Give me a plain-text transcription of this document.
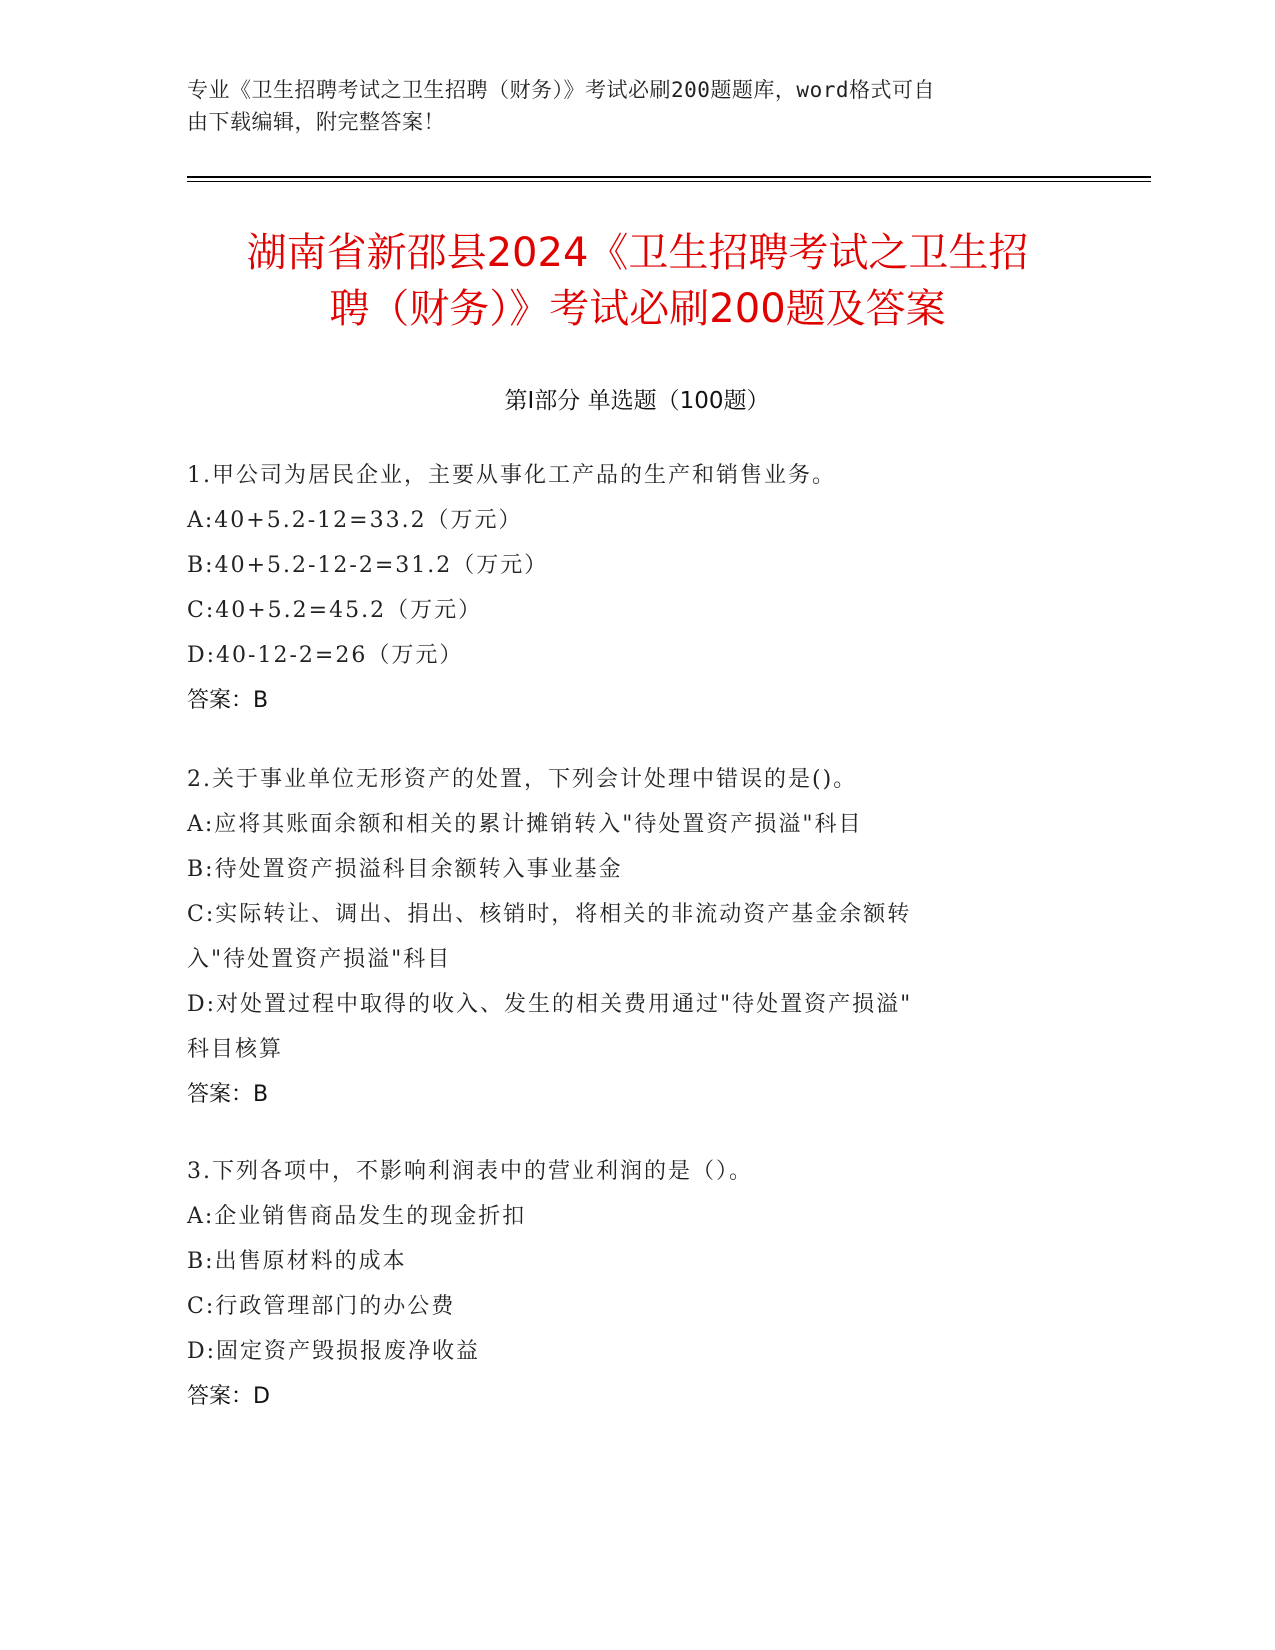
专业《卫生招聘考试之卫生招聘（财务）》考试必刷200题题库，word格式可自
由下载编辑，附完整答案！
湖南省新邵县2024《卫生招聘考试之卫生招
聘（财务）》考试必刷200题及答案
第Ⅰ部分 单选题（100题）
1.甲公司为居民企业，主要从事化工产品的生产和销售业务。
A:40+5.2-12=33.2（万元）
B:40+5.2-12-2=31.2（万元）
C:40+5.2=45.2（万元）
D:40-12-2=26（万元）
答案：B
2.关于事业单位无形资产的处置，下列会计处理中错误的是()。
A:应将其账面余额和相关的累计摊销转入"待处置资产损溢"科目
B:待处置资产损溢科目余额转入事业基金
C:实际转让、调出、捐出、核销时，将相关的非流动资产基金余额转
入"待处置资产损溢"科目
D:对处置过程中取得的收入、发生的相关费用通过"待处置资产损溢"
科目核算
答案：B
3.下列各项中，不影响利润表中的营业利润的是（）。
A:企业销售商品发生的现金折扣
B:出售原材料的成本
C:行政管理部门的办公费
D:固定资产毁损报废净收益
答案：D
